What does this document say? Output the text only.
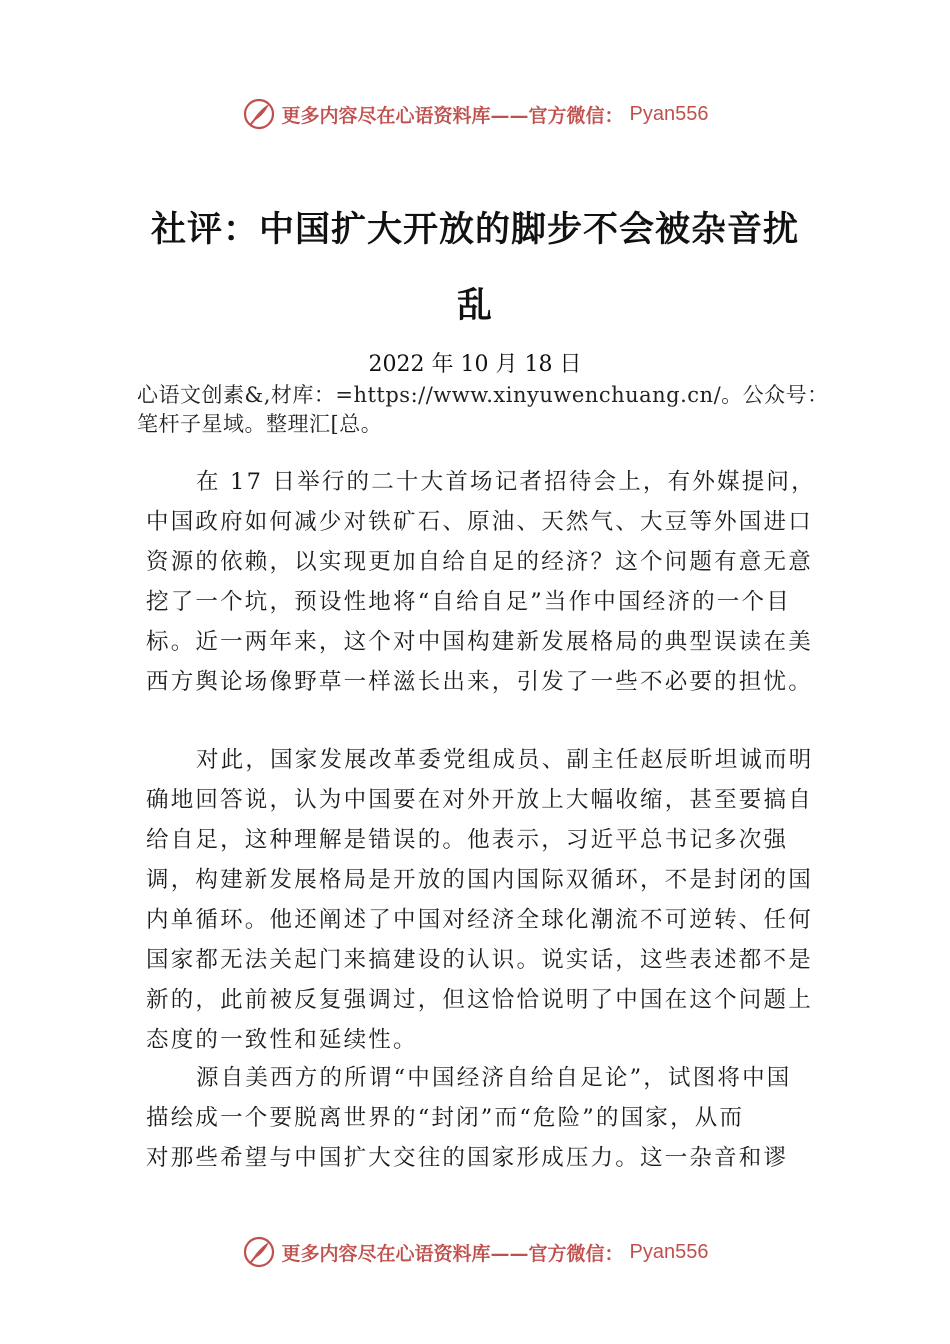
更多内容尽在心语资料库——官方微信： Pyan556
社评：中国扩大开放的脚步不会被杂音扰
乱
2022 年 10 月 18 日
心语文创素&,材库：=https://www.xinyuwenchuang.cn/。公众号：笔杆子星域。整理汇[总。

在 17 日举行的二十大首场记者招待会上，有外媒提问，中国政府如何减少对铁矿石、原油、天然气、大豆等外国进口资源的依赖，以实现更加自给自足的经济？这个问题有意无意挖了一个坑，预设性地将“自给自足”当作中国经济的一个目标。近一两年来，这个对中国构建新发展格局的典型误读在美西方舆论场像野草一样滋长出来，引发了一些不必要的担忧。

对此，国家发展改革委党组成员、副主任赵辰昕坦诚而明确地回答说，认为中国要在对外开放上大幅收缩，甚至要搞自给自足，这种理解是错误的。他表示，习近平总书记多次强调，构建新发展格局是开放的国内国际双循环，不是封闭的国内单循环。他还阐述了中国对经济全球化潮流不可逆转、任何国家都无法关起门来搞建设的认识。说实话，这些表述都不是新的，此前被反复强调过，但这恰恰说明了中国在这个问题上态度的一致性和延续性。

源自美西方的所谓“中国经济自给自足论”，试图将中国

描绘成一个要脱离世界的“封闭”而“危险”的国家，从而
对那些希望与中国扩大交往的国家形成压力。这一杂音和谬
更多内容尽在心语资料库——官方微信： Pyan556
